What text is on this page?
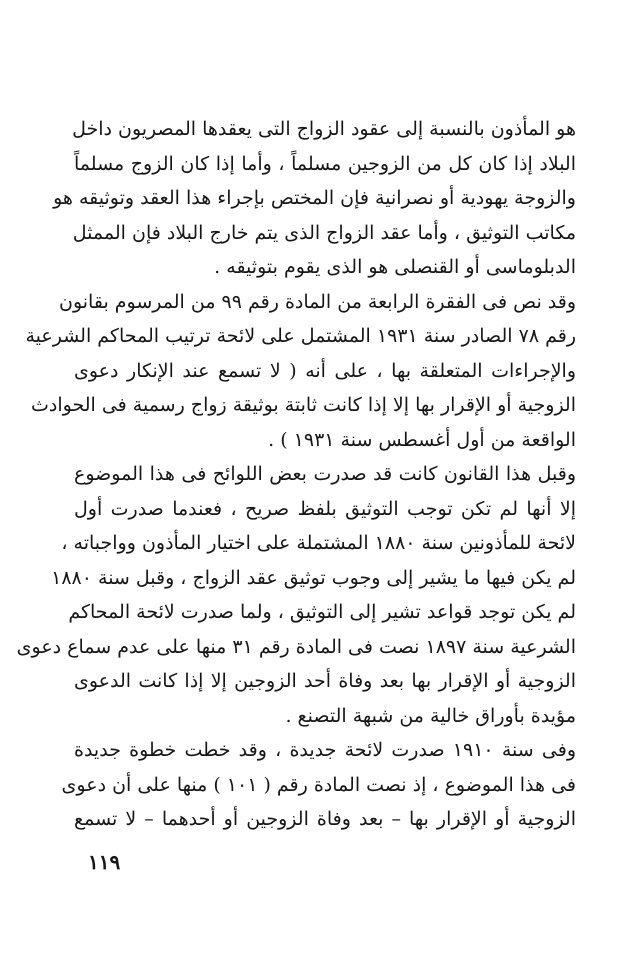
هو المأذون بالنسبة إلى عقود الزواج التى يعقدها المصريون داخل
البلاد إذا كان كل من الزوجين مسلماً ، وأما إذا كان الزوج مسلماً
والزوجة يهودية أو نصرانية فإن المختص بإجراء هذا العقد وتوثيقه هو
مكاتب التوثيق ، وأما عقد الزواج الذى يتم خارج البلاد فإن الممثل
الدبلوماسى أو القنصلى هو الذى يقوم بتوثيقه .
وقد نص فى الفقرة الرابعة من المادة رقم ٩٩ من المرسوم بقانون
رقم ٧٨ الصادر سنة ١٩٣١ المشتمل على لائحة ترتيب المحاكم الشرعية
والإجراءات المتعلقة بها ، على أنه ( لا تسمع عند الإنكار دعوى
الزوجية أو الإقرار بها إلا إذا كانت ثابتة بوثيقة زواج رسمية فى الحوادث
الواقعة من أول أغسطس سنة ١٩٣١ ) .
وقبل هذا القانون كانت قد صدرت بعض اللوائح فى هذا الموضوع
إلا أنها لم تكن توجب التوثيق بلفظ صريح ، فعندما صدرت أول
لائحة للمأذونين سنة ١٨٨٠ المشتملة على اختيار المأذون وواجباته ،
لم يكن فيها ما يشير إلى وجوب توثيق عقد الزواج ، وقبل سنة ١٨٨٠
لم يكن توجد قواعد تشير إلى التوثيق ، ولما صدرت لائحة المحاكم
الشرعية سنة ١٨٩٧ نصت فى المادة رقم ٣١ منها على عدم سماع دعوى
الزوجية أو الإقرار بها بعد وفاة أحد الزوجين إلا إذا كانت الدعوى
مؤيدة بأوراق خالية من شبهة التصنع .
وفى سنة ١٩١٠ صدرت لائحة جديدة ، وقد خطت خطوة جديدة
فى هذا الموضوع ، إذ نصت المادة رقم ( ١٠١ ) منها على أن دعوى
الزوجية أو الإقرار بها – بعد وفاة الزوجين أو أحدهما – لا تسمع
١١٩
